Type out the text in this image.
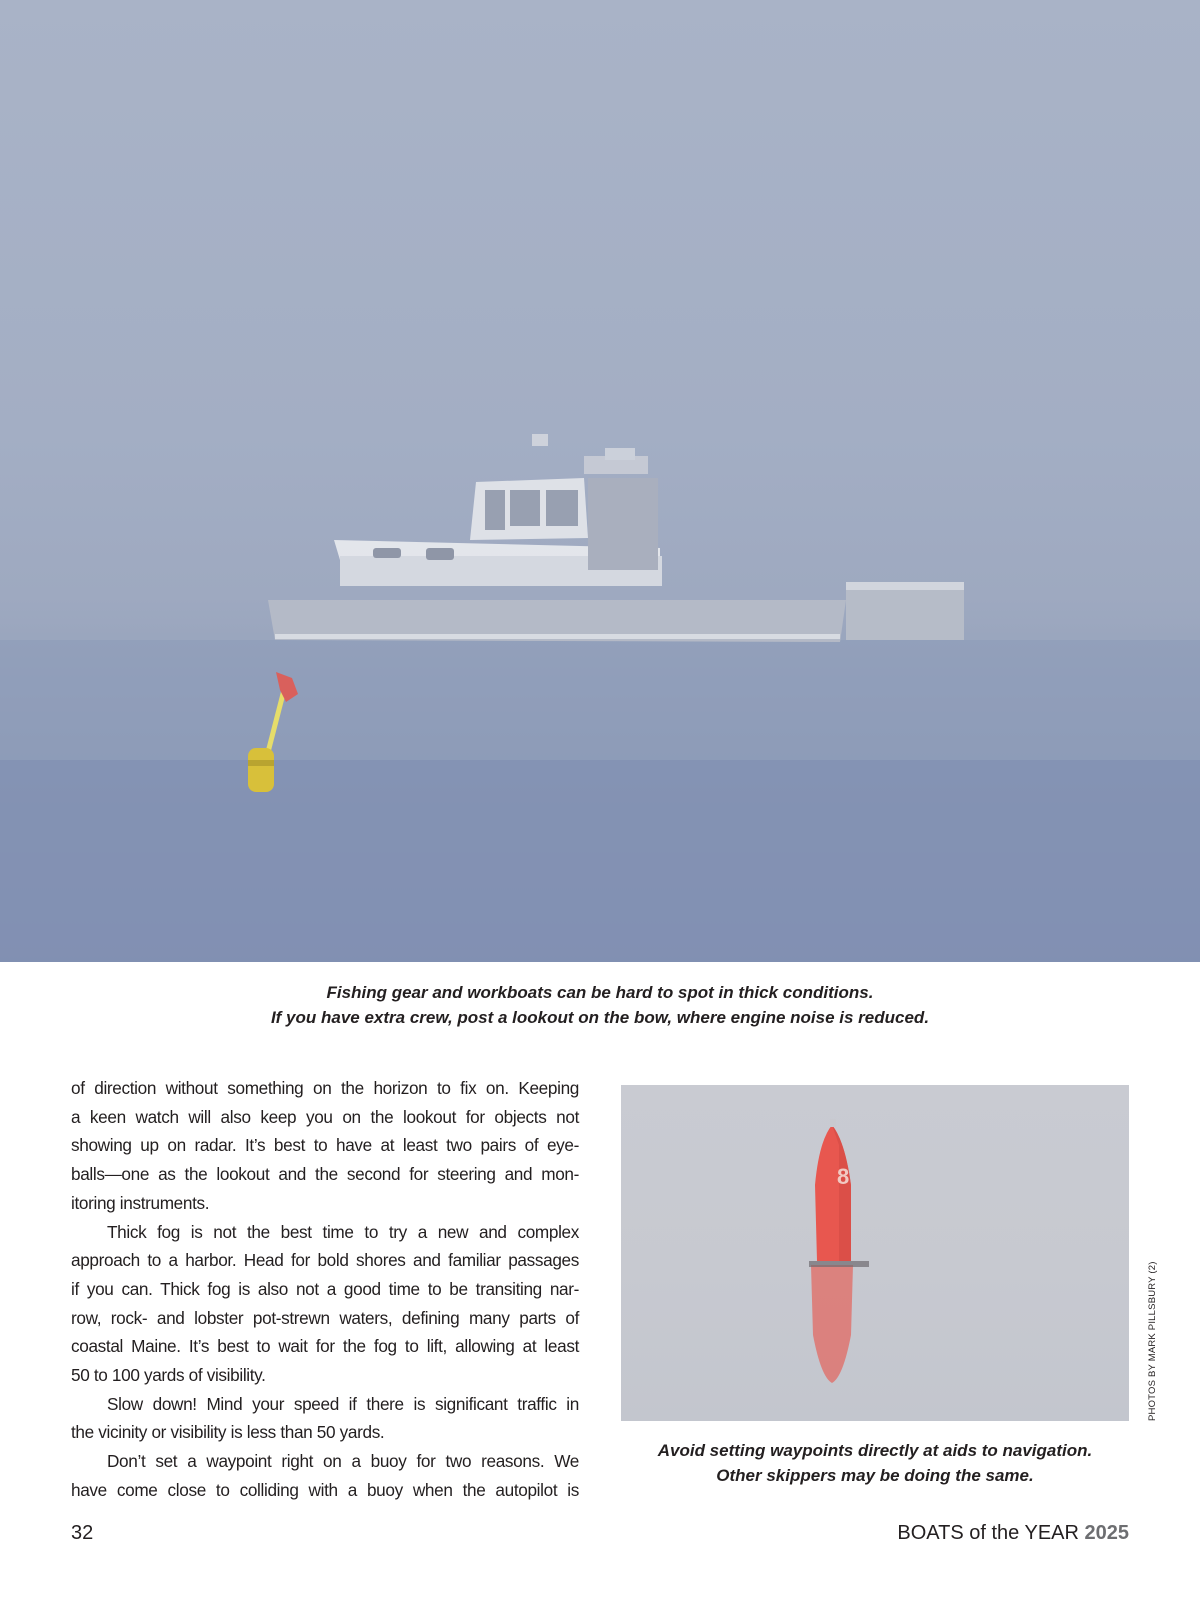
Fishing gear and workboats can be hard to spot in thick conditions.
If you have extra crew, post a lookout on the bow, where engine noise is reduced.

of direction without something on the horizon to fix on. Keeping
a keen watch will also keep you on the lookout for objects not
showing up on radar. It’s best to have at least two pairs of eye-
balls—one as the lookout and the second for steering and mon-
itoring instruments.

Thick fog is not the best time to try a new and complex
approach to a harbor. Head for bold shores and familiar passages
if you can. Thick fog is also not a good time to be transiting nar-
row, rock- and lobster pot-strewn waters, defining many parts of
coastal Maine. It’s best to wait for the fog to lift, allowing at least
50 to 100 yards of visibility.

Slow down! Mind your speed if there is significant traffic in
the vicinity or visibility is less than 50 yards.

Don’t set a waypoint right on a buoy for two reasons. We
have come close to colliding with a buoy when the autopilot is

8
PHOTOS BY MARK PILLSBURY (2)
Avoid setting waypoints directly at aids to navigation.
Other skippers may be doing the same.
32	BOATS of the YEAR 2025
